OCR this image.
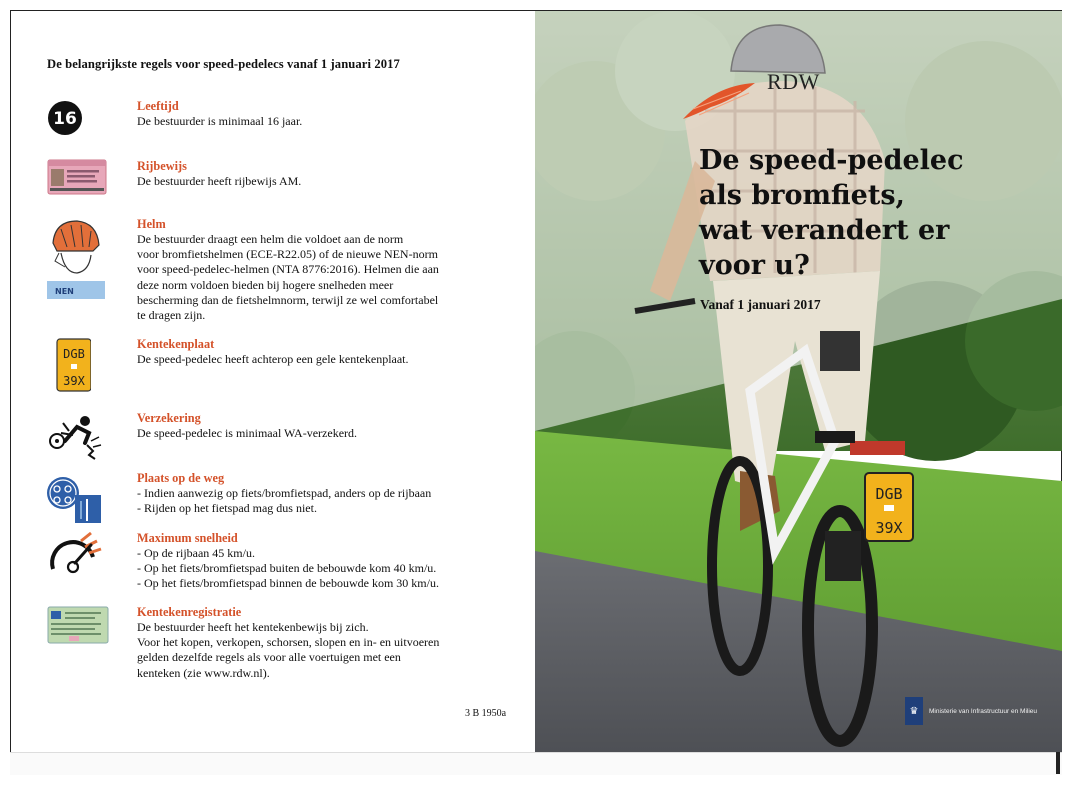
De belangrijkste regels voor speed-pedelecs vanaf 1 januari 2017
16

Leeftijd

De bestuurder is minimaal 16 jaar.

Rijbewijs

De bestuurder heeft rijbewijs AM.

NEN

Helm

De bestuurder draagt een helm die voldoet aan de norm

voor bromfietshelmen (ECE-R22.05) of de nieuwe NEN-norm

voor speed-pedelec-helmen (NTA 8776:2016). Helmen die aan

deze norm voldoen bieden bij hogere snelheden meer

bescherming dan de fietshelmnorm, terwijl ze wel comfortabel

te dragen zijn.

DGB
39X

Kentekenplaat

De speed-pedelec heeft achterop een gele kentekenplaat.

Verzekering

De speed-pedelec is minimaal WA-verzekerd.

Plaats op de weg

- Indien aanwezig op fiets/bromfietspad, anders op de rijbaan

- Rijden op het fietspad mag dus niet.

Maximum snelheid

- Op de rijbaan 45 km/u.

- Op het fiets/bromfietspad buiten de bebouwde kom 40 km/u.

- Op het fiets/bromfietspad binnen de bebouwde kom 30 km/u.

Kentekenregistratie

De bestuurder heeft het kentekenbewijs bij zich.

Voor het kopen, verkopen, schorsen, slopen en in- en uitvoeren

gelden dezelfde regels als voor alle voertuigen met een

kenteken (zie www.rdw.nl).

3 B 1950a
DGB
39X
RDW
De speed-pedelec
als bromfiets,
wat verandert er
voor u?
Vanaf 1 januari 2017
♛	Ministerie van Infrastructuur en Milieu
